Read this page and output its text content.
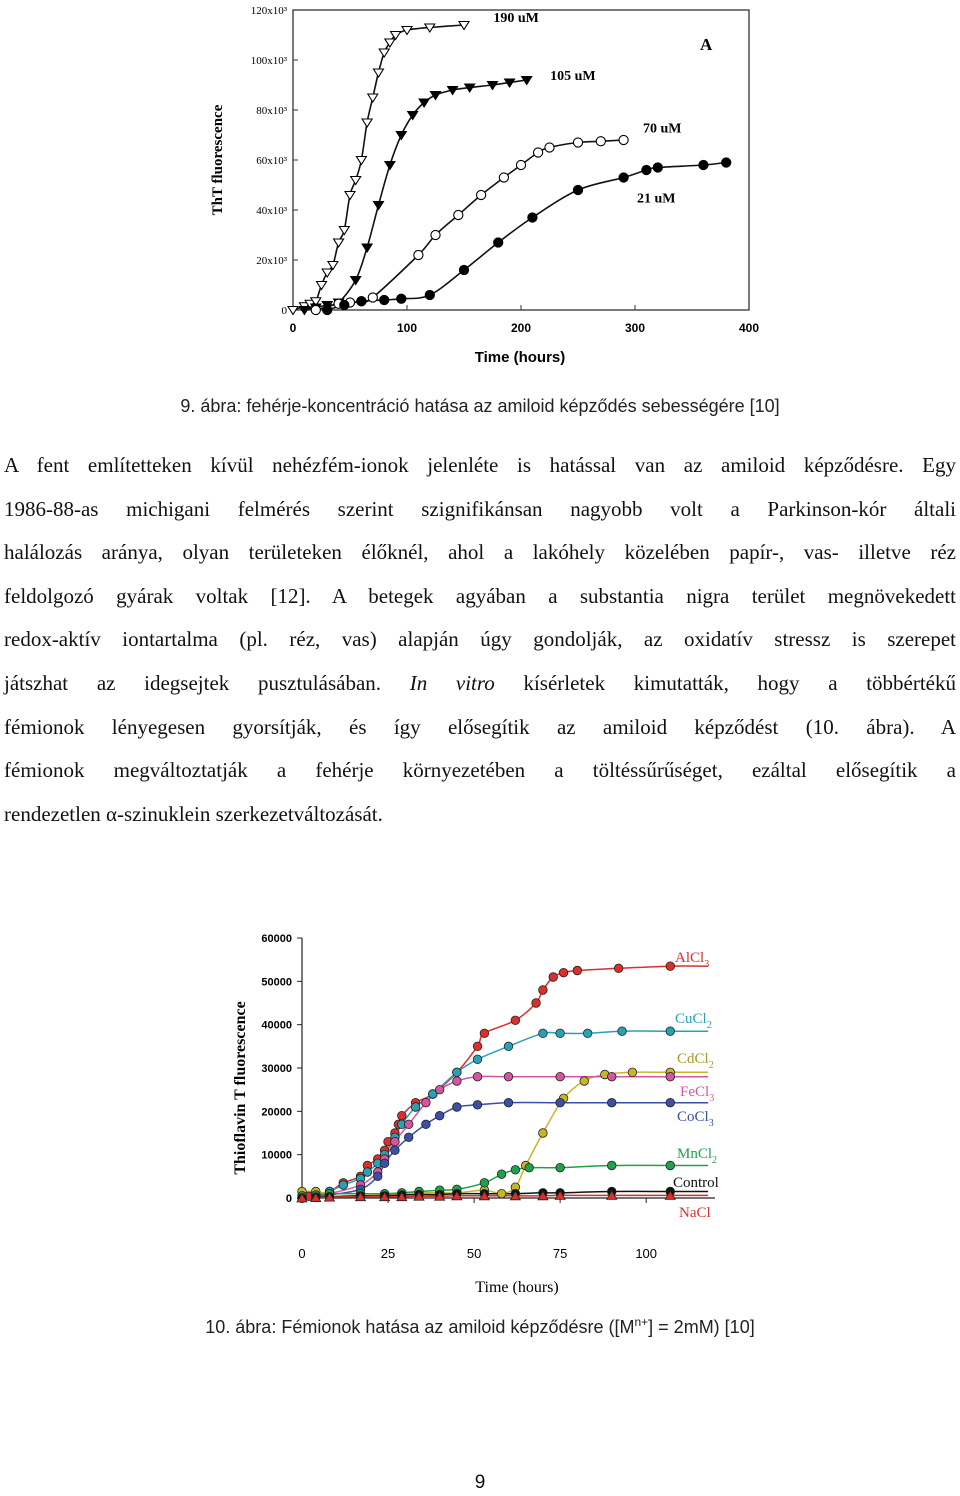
0	100	200	300	400
0
20x10³
40x10³
60x10³
80x10³
100x10³
120x10³	190 uM
105 uM
70 uM
21 uM
A
Time (hours)
ThT fluorescence
9. ábra: fehérje-koncentráció hatása az amiloid képződés sebességére [10]
A fent említetteken kívül nehézfém-ionok jelenléte is hatással van az amiloid képződésre. Egy
1986-88-as michigani felmérés szerint szignifikánsan nagyobb volt a Parkinson-kór általi
halálozás aránya, olyan területeken élőknél, ahol a lakóhely közelében papír-, vas- illetve réz
feldolgozó gyárak voltak [12]. A betegek agyában a substantia nigra terület megnövekedett
redox-aktív iontartalma (pl. réz, vas) alapján úgy gondolják, az oxidatív stressz is szerepet
játszhat az idegsejtek pusztulásában. In vitro kísérletek kimutatták, hogy a többértékű
fémionok lényegesen gyorsítják, és így elősegítik az amiloid képződést (10. ábra). A
fémionok megváltoztatják a fehérje környezetében a töltéssűrűséget, ezáltal elősegítik a
rendezetlen α-szinuklein szerkezetváltozását.
0	25	50	75	100
0
10000
20000
30000
40000
50000
60000
AlCl$_3$
CuCl$_2$
CdCl$_2$
FeCl$_3$
CoCl$_3$
MnCl$_2$
Control
NaCl
Time (hours)
Thioflavin T fluorescence
10. ábra: Fémionok hatása az amiloid képződésre $([M^{n+}] = 2mM)$ [10]
9
